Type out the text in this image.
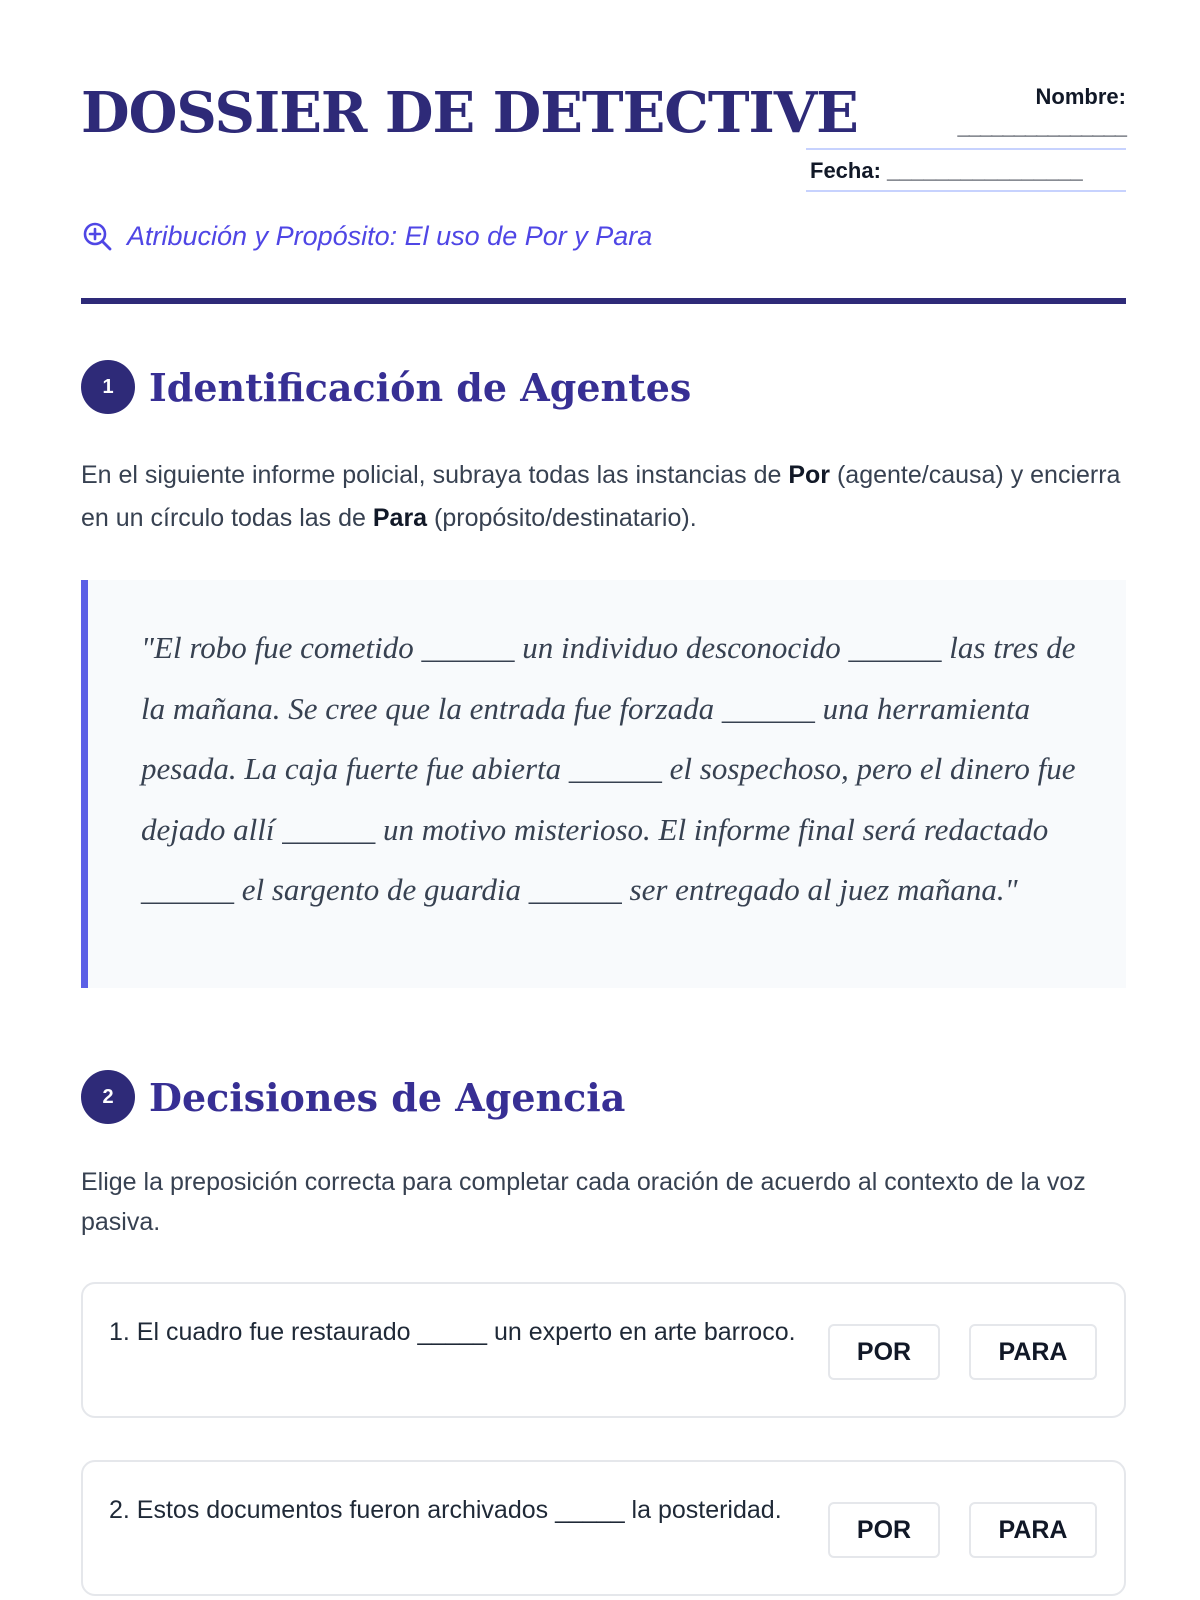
DOSSIER DE DETECTIVE	Nombre:
_______________
Fecha: ________________
Atribución y Propósito: El uso de Por y Para
1 Identificación de Agentes

En el siguiente informe policial, subraya todas las instancias de Por (agente/causa) y encierra en un círculo todas las de Para (propósito/destinatario).

"El robo fue cometido ______ un individuo desconocido ______ las tres de la mañana. Se cree que la entrada fue forzada ______ una herramienta pesada. La caja fuerte fue abierta ______ el sospechoso, pero el dinero fue dejado allí ______ un motivo misterioso. El informe final será redactado ______ el sargento de guardia ______ ser entregado al juez mañana."

2 Decisiones de Agencia

Elige la preposición correcta para completar cada oración de acuerdo al contexto de la voz pasiva.

1. El cuadro fue restaurado _____ un experto en arte barroco.
POR	PARA
2. Estos documentos fueron archivados _____ la posteridad.
POR	PARA
